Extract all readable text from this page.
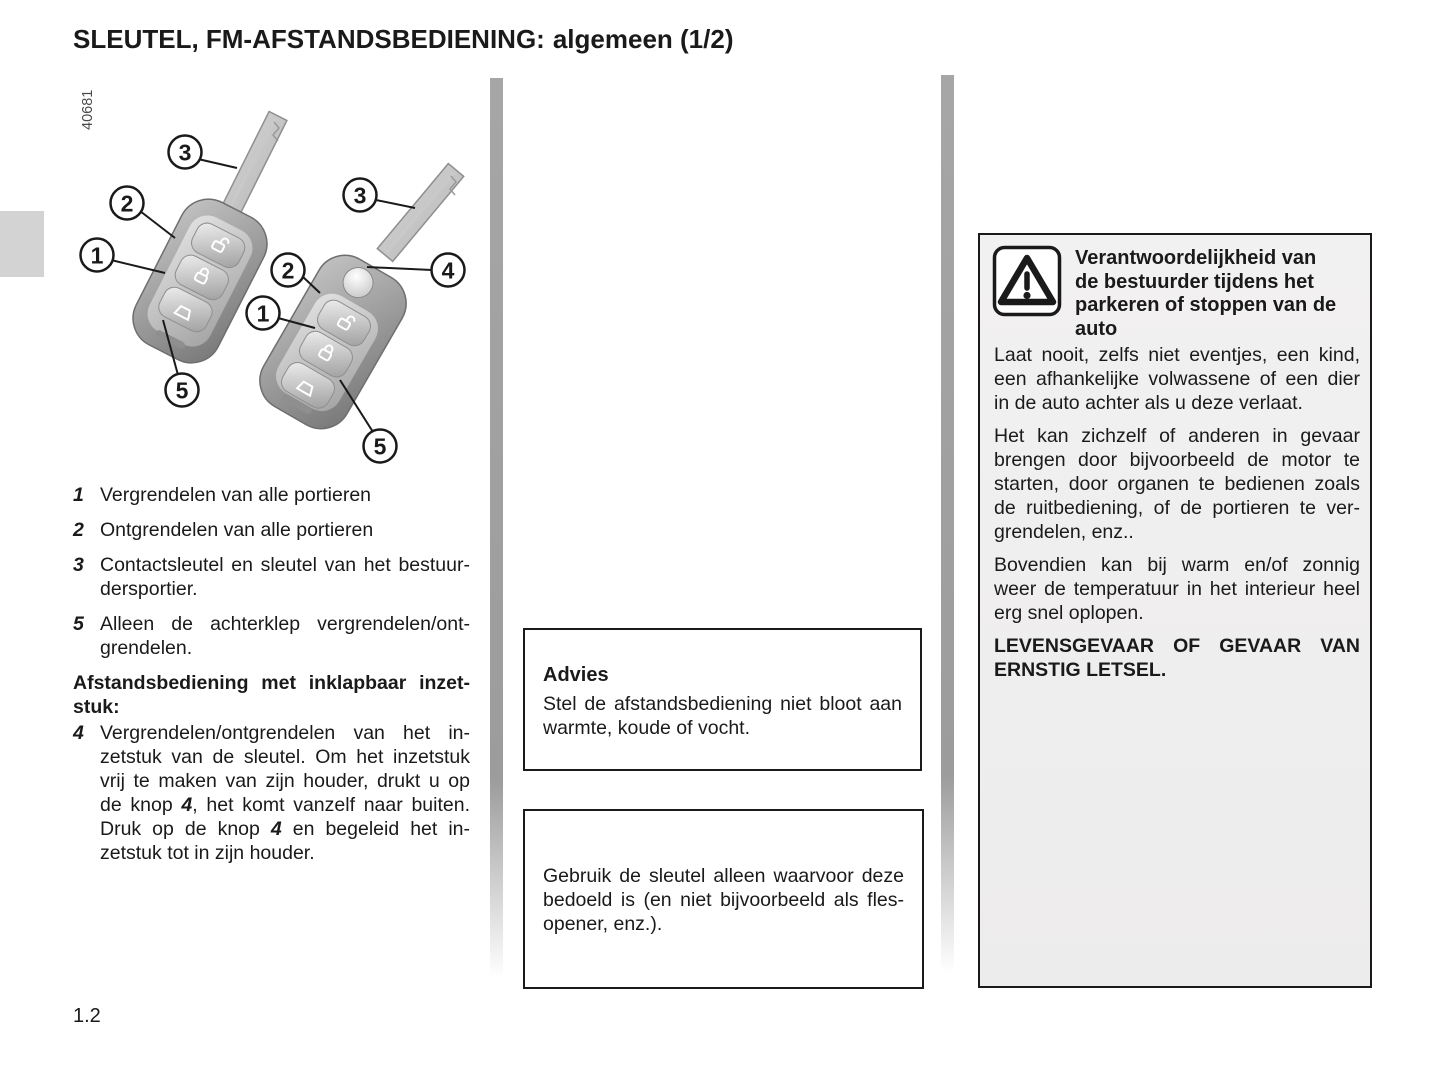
SLEUTEL, FM-AFSTANDSBEDIENING: algemeen (1/2)
40681
3
2
1
5
3
4
2
1
5
1 Vergrendelen van alle portieren
2 Ontgrendelen van alle portieren
3 Contactsleutel en sleutel van het bestuur-
dersportier.
5 Alleen de achterklep vergrendelen/ont-
grendelen.
Afstandsbediening met inklapbaar inzet-
stuk:
4 Vergrendelen/ontgrendelen van het in-
zetstuk van de sleutel. Om het inzetstuk
vrij te maken van zijn houder, drukt u op
de knop 4, het komt vanzelf naar buiten.
Druk op de knop 4 en begeleid het in-
zetstuk tot in zijn houder.
Advies
Stel de afstandsbediening niet bloot aan
warmte, koude of vocht.
Gebruik de sleutel alleen waarvoor deze
bedoeld is (en niet bijvoorbeeld als fles-
opener, enz.).
Verantwoordelijkheid van
de bestuurder tijdens het
parkeren of stoppen van de
auto
Laat nooit, zelfs niet eventjes, een kind,
een afhankelijke volwassene of een dier
in de auto achter als u deze verlaat.
Het kan zichzelf of anderen in gevaar
brengen door bijvoorbeeld de motor te
starten, door organen te bedienen zoals
de ruitbediening, of de portieren te ver-
grendelen, enz..
Bovendien kan bij warm en/of zonnig
weer de temperatuur in het interieur heel
erg snel oplopen.
LEVENSGEVAAR OF GEVAAR VAN
ERNSTIG LETSEL.
1.2
